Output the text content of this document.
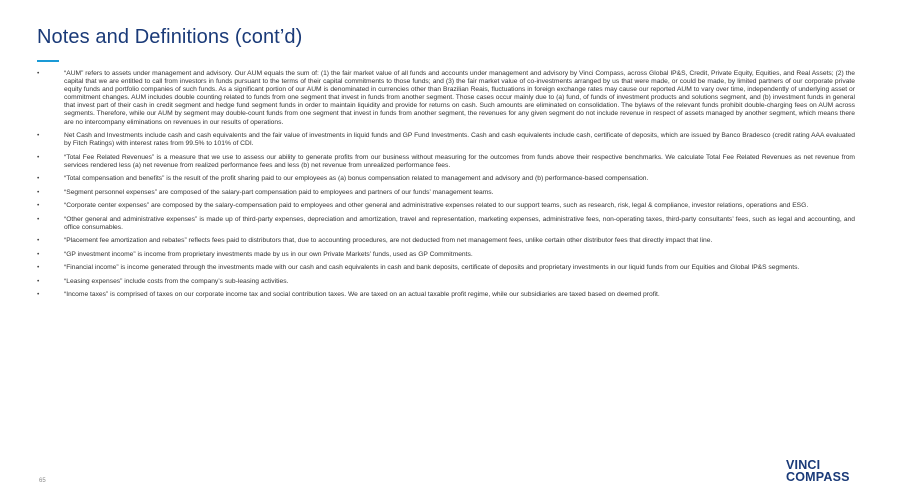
Notes and Definitions (cont’d)
•	“AUM” refers to assets under management and advisory. Our AUM equals the sum of: (1) the fair market value of all funds and accounts under management and advisory by Vinci Compass, across Global IP&S, Credit, Private Equity, Equities, and Real Assets; (2) the capital that we are entitled to call from investors in funds pursuant to the terms of their capital commitments to those funds; and (3) the fair market value of co-investments arranged by us that were made, or could be made, by limited partners of our corporate private equity funds and portfolio companies of such funds. As a significant portion of our AUM is denominated in currencies other than Brazilian Reais, fluctuations in foreign exchange rates may cause our reported AUM to vary over time, independently of underlying asset or commitment changes. AUM includes double counting related to funds from one segment that invest in funds from another segment. Those cases occur mainly due to (a) fund, of funds of investment products and solutions segment, and (b) investment funds in general that invest part of their cash in credit segment and hedge fund segment funds in order to maintain liquidity and provide for returns on cash. Such amounts are eliminated on consolidation. The bylaws of the relevant funds prohibit double-charging fees on AUM across segments. Therefore, while our AUM by segment may double-count funds from one segment that invest in funds from another segment, the revenues for any given segment do not include revenue in respect of assets managed by another segment, which means there are no intercompany eliminations on revenues in our results of operations.
•	Net Cash and Investments include cash and cash equivalents and the fair value of investments in liquid funds and GP Fund Investments. Cash and cash equivalents include cash, certificate of deposits, which are issued by Banco Bradesco (credit rating AAA evaluated by Fitch Ratings) with interest rates from 99.5% to 101% of CDI.
•	“Total Fee Related Revenues” is a measure that we use to assess our ability to generate profits from our business without measuring for the outcomes from funds above their respective benchmarks. We calculate Total Fee Related Revenues as net revenue from services rendered less (a) net revenue from realized performance fees and less (b) net revenue from unrealized performance fees.
•	“Total compensation and benefits” is the result of the profit sharing paid to our employees as (a) bonus compensation related to management and advisory and (b) performance-based compensation.
•	“Segment personnel expenses” are composed of the salary-part compensation paid to employees and partners of our funds’ management teams.
•	“Corporate center expenses” are composed by the salary-compensation paid to employees and other general and administrative expenses related to our support teams, such as research, risk, legal & compliance, investor relations, operations and ESG.
•	“Other general and administrative expenses” is made up of third-party expenses, depreciation and amortization, travel and representation, marketing expenses, administrative fees, non-operating taxes, third-party consultants’ fees, such as legal and accounting, and office consumables.
•	“Placement fee amortization and rebates” reflects fees paid to distributors that, due to accounting procedures, are not deducted from net management fees, unlike certain other distributor fees that directly impact that line.
•	“GP investment income” is income from proprietary investments made by us in our own Private Markets’ funds, used as GP Commitments.
•	“Financial income” is income generated through the investments made with our cash and cash equivalents in cash and bank deposits, certificate of deposits and proprietary investments in our liquid funds from our Equities and Global IP&S segments.
•	“Leasing expenses” include costs from the company’s sub-leasing activities.
•	“Income taxes” is comprised of taxes on our corporate income tax and social contribution taxes. We are taxed on an actual taxable profit regime, while our subsidiaries are taxed based on deemed profit.
65
VINCI
COMPASS
